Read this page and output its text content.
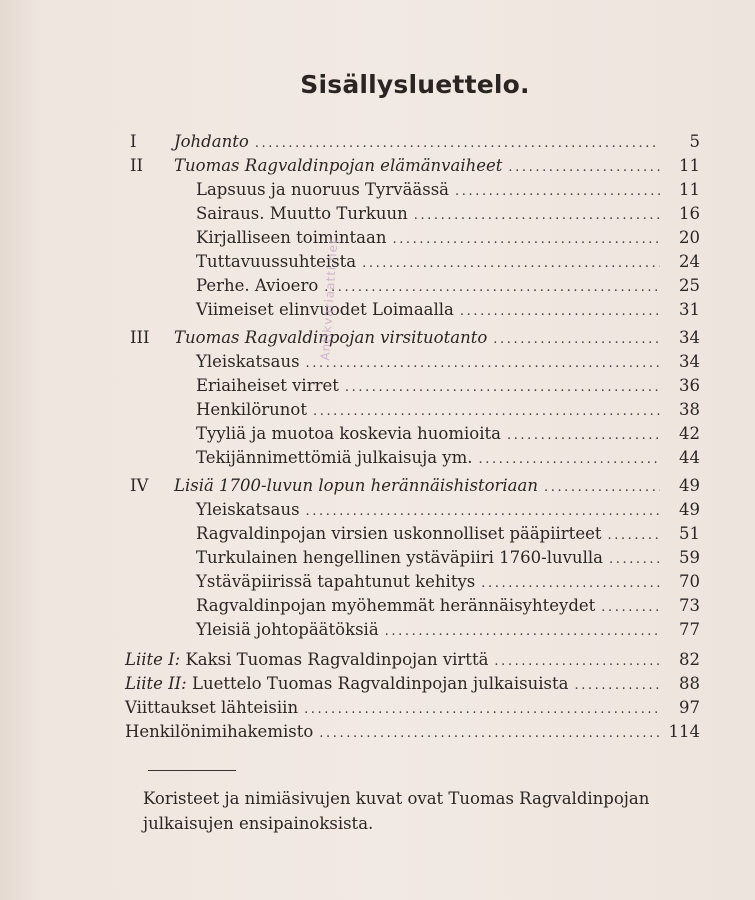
Sisällysluettelo.
I	Johdanto .....	5
II	Tuomas Ragvaldinpojan elämänvaiheet .....	11
Lapsuus ja nuoruus Tyrväässä .....	11
Sairaus. Muutto Turkuun .....	16
Kirjalliseen toimintaan .....	20
Tuttavuussuhteista .....	24
Perhe. Avioero .....	25
Viimeiset elinvuodet Loimaalla .....	31
III	Tuomas Ragvaldinpojan virsituotanto .....	34
Yleiskatsaus .....	34
Eriaiheiset virret .....	36
Henkilörunot .....	38
Tyyliä ja muotoa koskevia huomioita .....	42
Tekijännimettömiä julkaisuja ym. .....	44
IV	Lisiä 1700-luvun lopun herännäishistoriaan .....	49
Yleiskatsaus .....	49
Ragvaldinpojan virsien uskonnolliset pääpiirteet .....	51
Turkulainen hengellinen ystäväpiiri 1760-luvulla .....	59
Ystäväpiirissä tapahtunut kehitys .....	70
Ragvaldinpojan myöhemmät herännäisyhteydet .....	73
Yleisiä johtopäätöksiä .....	77
Liite I: Kaksi Tuomas Ragvaldinpojan virttä .....	82
Liite II: Luettelo Tuomas Ragvaldinpojan julkaisuista .....	88
Viittaukset lähteisiin .....	97
Henkilönimihakemisto .....	114
Koristeet ja nimiäsivujen kuvat ovat Tuomas Ragvaldinpojan julkaisujen ensipainoksista.
Antikvariaatti.net
